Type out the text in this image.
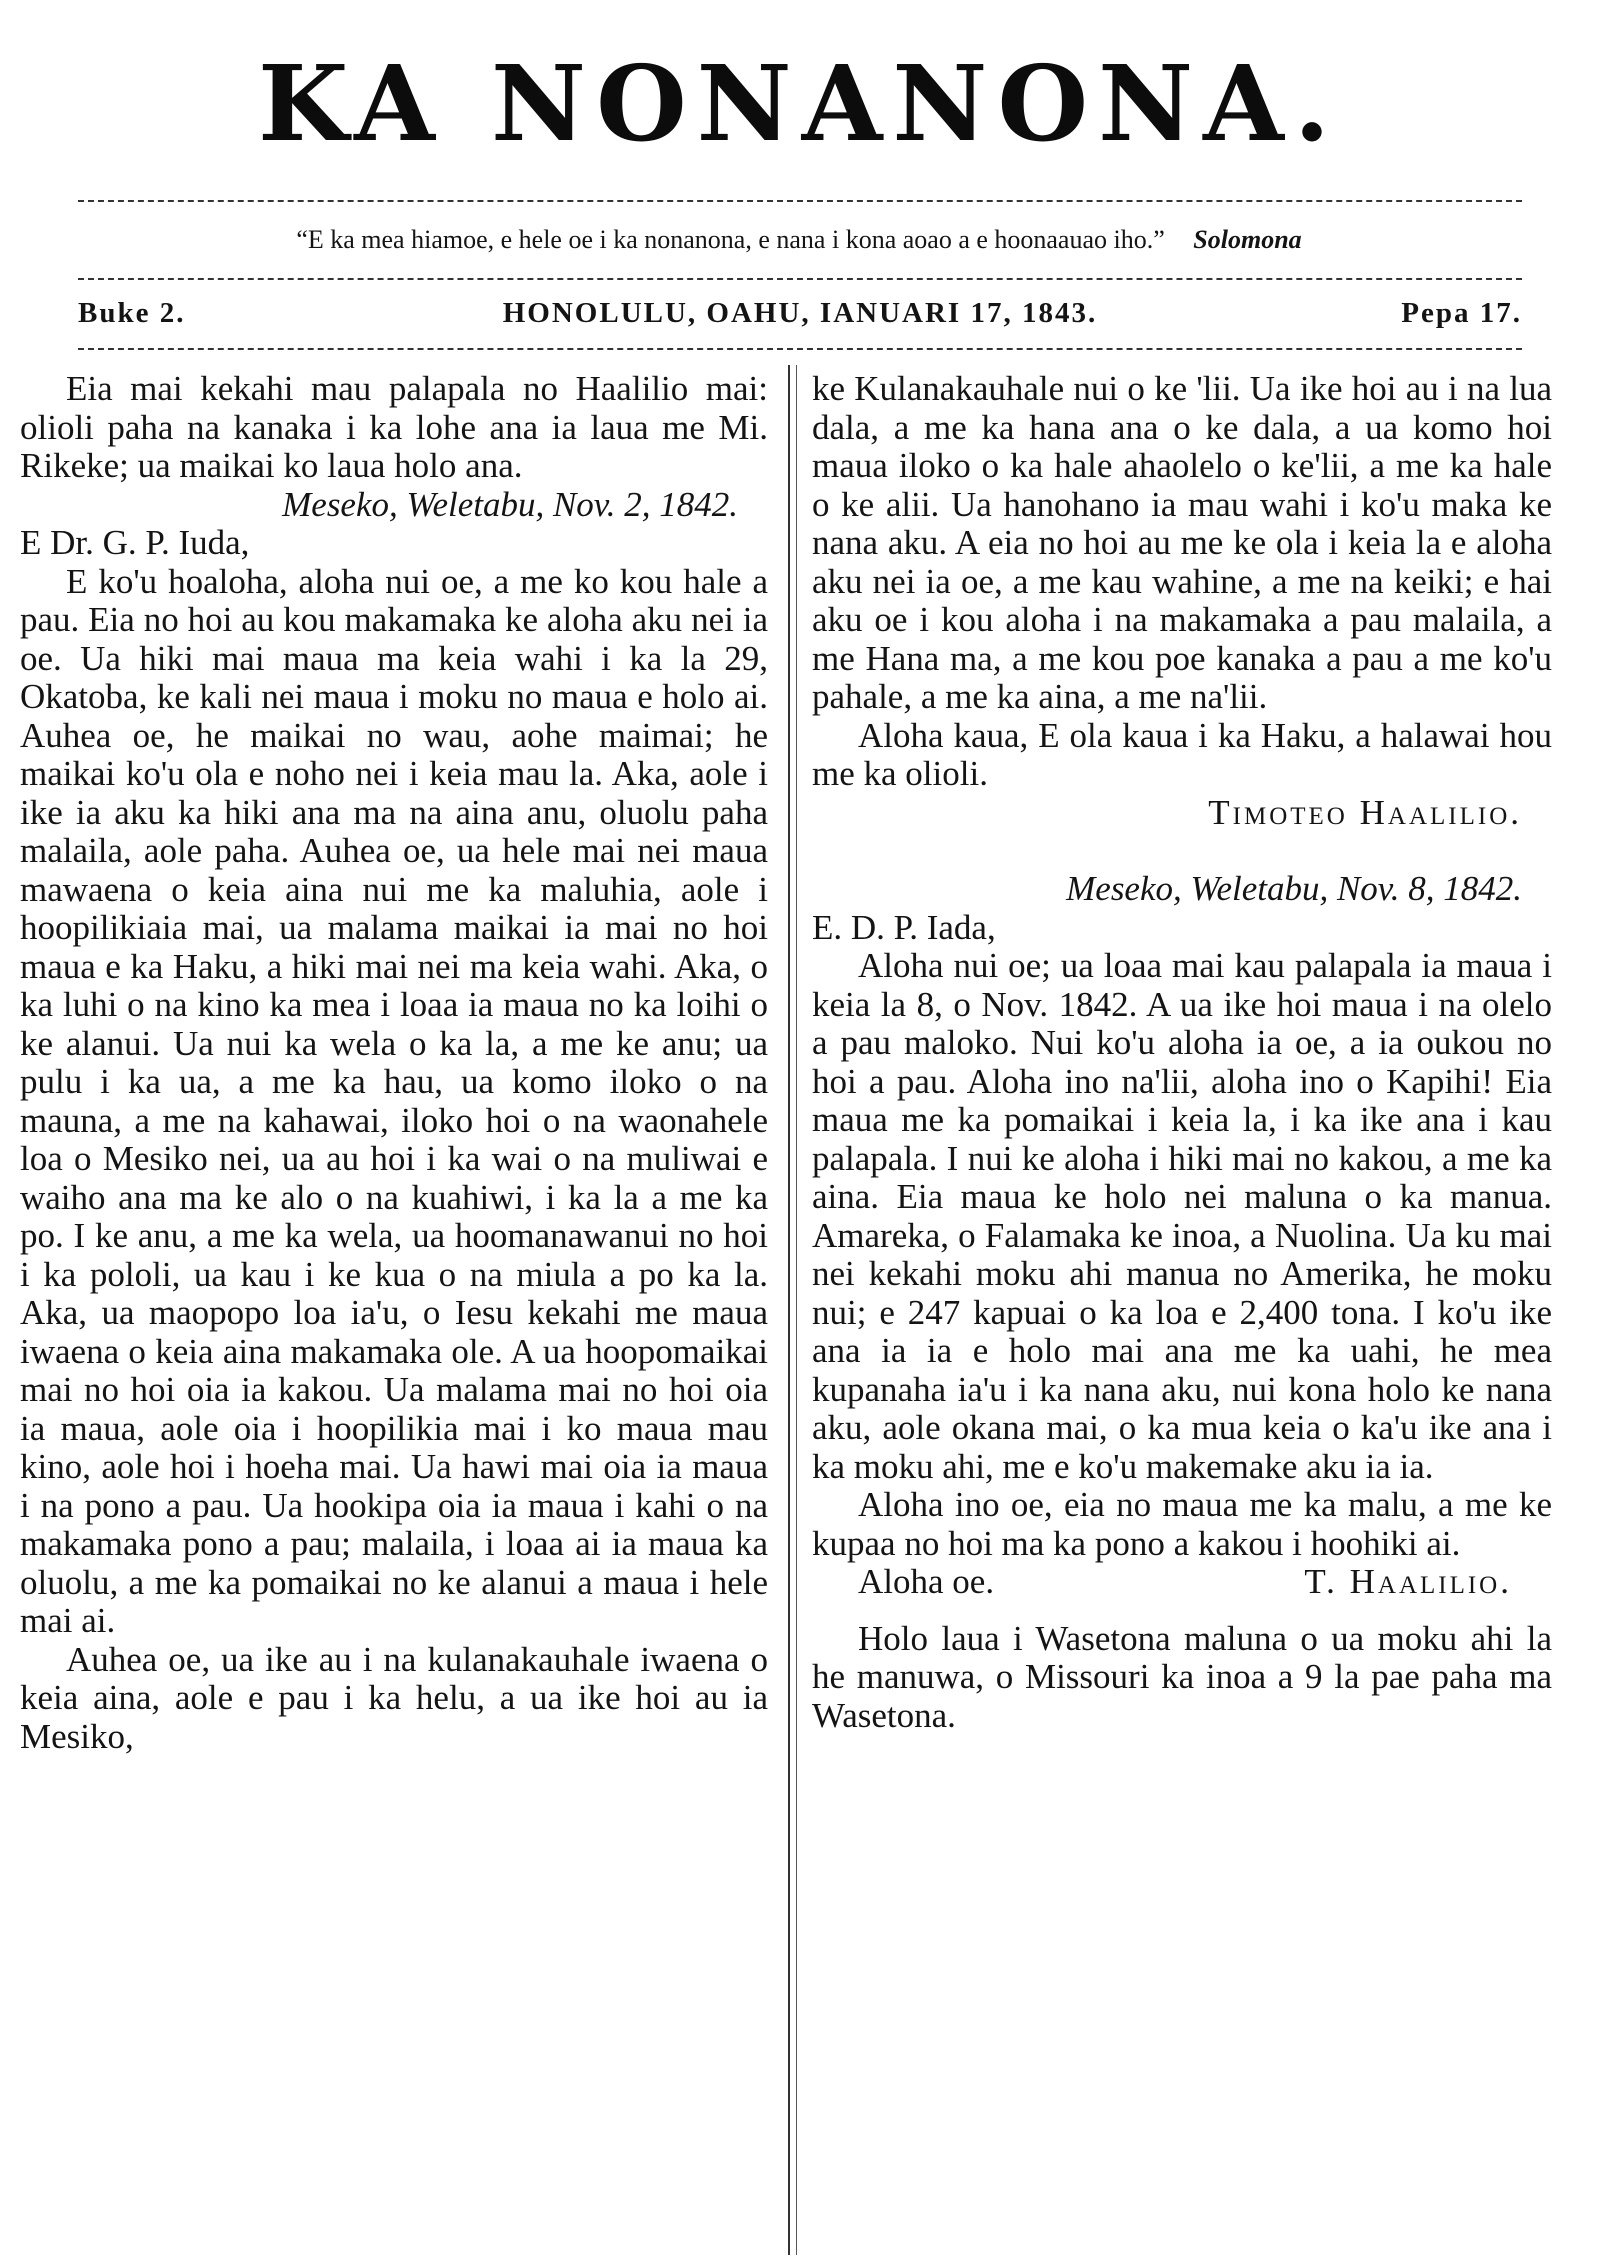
KA NONANONA.
“E ka mea hiamoe, e hele oe i ka nonanona, e nana i kona aoao a e hoonaauao iho.” Solomona
HONOLULU, OAHU, IANUARI 17, 1843.
Buke 2.	Pepa 17.

Eia mai kekahi mau palapala no Haalilio mai: olioli paha na kanaka i ka lohe ana ia laua me Mi. Rikeke; ua maikai ko laua holo ana.

Meseko, Weletabu, Nov. 2, 1842.

E Dr. G. P. Iuda,

E ko'u hoaloha, aloha nui oe, a me ko kou hale a pau. Eia no hoi au kou makamaka ke aloha aku nei ia oe. Ua hiki mai maua ma keia wahi i ka la 29, Okatoba, ke kali nei maua i moku no maua e holo ai. Auhea oe, he maikai no wau, aohe maimai; he maikai ko'u ola e noho nei i keia mau la. Aka, aole i ike ia aku ka hiki ana ma na aina anu, oluolu paha malaila, aole paha. Auhea oe, ua hele mai nei maua mawaena o keia aina nui me ka maluhia, aole i hoopilikiaia mai, ua malama maikai ia mai no hoi maua e ka Haku, a hiki mai nei ma keia wahi. Aka, o ka luhi o na kino ka mea i loaa ia maua no ka loihi o ke alanui. Ua nui ka wela o ka la, a me ke anu; ua pulu i ka ua, a me ka hau, ua komo iloko o na mauna, a me na kahawai, iloko hoi o na waonahele loa o Mesiko nei, ua au hoi i ka wai o na muliwai e waiho ana ma ke alo o na kuahiwi, i ka la a me ka po. I ke anu, a me ka wela, ua hoomanawanui no hoi i ka pololi, ua kau i ke kua o na miula a po ka la. Aka, ua maopopo loa ia'u, o Iesu kekahi me maua iwaena o keia aina makamaka ole. A ua hoopomaikai mai no hoi oia ia kakou. Ua malama mai no hoi oia ia maua, aole oia i hoopilikia mai i ko maua mau kino, aole hoi i hoeha mai. Ua hawi mai oia ia maua i na pono a pau. Ua hookipa oia ia maua i kahi o na makamaka pono a pau; malaila, i loaa ai ia maua ka oluolu, a me ka pomaikai no ke alanui a maua i hele mai ai.

Auhea oe, ua ike au i na kulanakauhale iwaena o keia aina, aole e pau i ka helu, a ua ike hoi au ia Mesiko,

ke Kulanakauhale nui o ke 'lii. Ua ike hoi au i na lua dala, a me ka hana ana o ke dala, a ua komo hoi maua iloko o ka hale ahaolelo o ke'lii, a me ka hale o ke alii. Ua hanohano ia mau wahi i ko'u maka ke nana aku. A eia no hoi au me ke ola i keia la e aloha aku nei ia oe, a me kau wahine, a me na keiki; e hai aku oe i kou aloha i na makamaka a pau malaila, a me Hana ma, a me kou poe kanaka a pau a me ko'u pahale, a me ka aina, a me na'lii.

Aloha kaua, E ola kaua i ka Haku, a halawai hou me ka olioli.

Timoteo Haalilio.

Meseko, Weletabu, Nov. 8, 1842.

E. D. P. Iada,

Aloha nui oe; ua loaa mai kau palapala ia maua i keia la 8, o Nov. 1842. A ua ike hoi maua i na olelo a pau maloko. Nui ko'u aloha ia oe, a ia oukou no hoi a pau. Aloha ino na'lii, aloha ino o Kapihi! Eia maua me ka pomaikai i keia la, i ka ike ana i kau palapala. I nui ke aloha i hiki mai no kakou, a me ka aina. Eia maua ke holo nei maluna o ka manua. Amareka, o Falamaka ke inoa, a Nuolina. Ua ku mai nei kekahi moku ahi manua no Amerika, he moku nui; e 247 kapuai o ka loa e 2,400 tona. I ko'u ike ana ia ia e holo mai ana me ka uahi, he mea kupanaha ia'u i ka nana aku, nui kona holo ke nana aku, aole okana mai, o ka mua keia o ka'u ike ana i ka moku ahi, me e ko'u makemake aku ia ia.

Aloha ino oe, eia no maua me ka malu, a me ke kupaa no hoi ma ka pono a kakou i hoohiki ai.

Aloha oe.	T. Haalilio.

Holo laua i Wasetona maluna o ua moku ahi la he manuwa, o Missouri ka inoa a 9 la pae paha ma Wasetona.
